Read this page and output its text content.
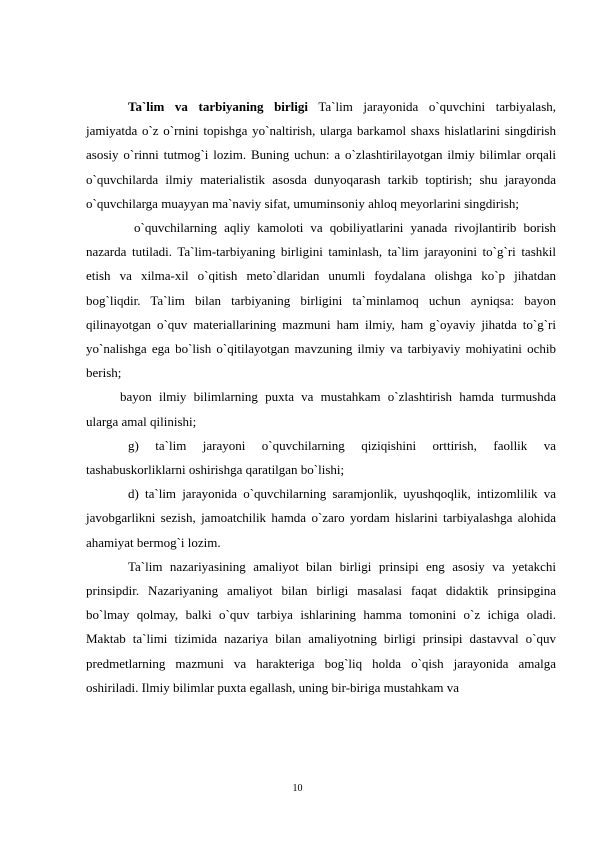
Ta`lim va tarbiyaning birligi Ta`lim jarayonida o`quvchini tarbiyalash, jamiyatda o`z o`rnini topishga yo`naltirish, ularga barkamol shaxs hislatlarini singdirish asosiy o`rinni tutmog`i lozim. Buning uchun: a o`zlashtirilayotgan ilmiy bilimlar orqali o`quvchilarda ilmiy materialistik asosda dunyoqarash tarkib toptirish; shu jarayonda o`quvchilarga muayyan ma`naviy sifat, umuminsoniy ahloq meyorlarini singdirish;

o`quvchilarning aqliy kamoloti va qobiliyatlarini yanada rivojlantirib borish nazarda tutiladi. Ta`lim-tarbiyaning birligini taminlash, ta`lim jarayonini to`g`ri tashkil etish va xilma-xil o`qitish meto`dlaridan unumli foydalana olishga ko`p jihatdan bog`liqdir. Ta`lim bilan tarbiyaning birligini ta`minlamoq uchun ayniqsa: bayon qilinayotgan o`quv materiallarining mazmuni ham ilmiy, ham g`oyaviy jihatda to`g`ri yo`nalishga ega bo`lish o`qitilayotgan mavzuning ilmiy va tarbiyaviy mohiyatini ochib berish;

bayon ilmiy bilimlarning puxta va mustahkam o`zlashtirish hamda turmushda ularga amal qilinishi;

g) ta`lim jarayoni o`quvchilarning qiziqishini orttirish, faollik va tashabuskorliklarni oshirishga qaratilgan bo`lishi;

d) ta`lim jarayonida o`quvchilarning saramjonlik, uyushqoqlik, intizomlilik va javobgarlikni sezish, jamoatchilik hamda o`zaro yordam hislarini tarbiyalashga alohida ahamiyat bermog`i lozim.

Ta`lim nazariyasining amaliyot bilan birligi prinsipi eng asosiy va yetakchi prinsipdir. Nazariyaning amaliyot bilan birligi masalasi faqat didaktik prinsipgina bo`lmay qolmay, balki o`quv tarbiya ishlarining hamma tomonini o`z ichiga oladi. Maktab ta`limi tizimida nazariya bilan amaliyotning birligi prinsipi dastavval o`quv predmetlarning mazmuni va harakteriga bog`liq holda o`qish jarayonida amalga oshiriladi. Ilmiy bilimlar puxta egallash, uning bir-biriga mustahkam va

10
